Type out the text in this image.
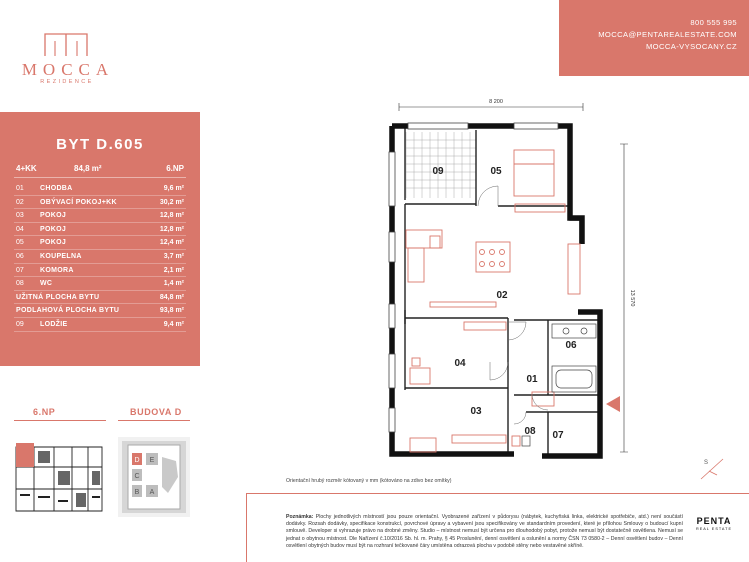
MOCCA
REZIDENCE
800 555 995
MOCCA@PENTAREALESTATE.COM
MOCCA-VYSOCANY.CZ
BYT D.605
4+KK	84,8 m²	6.NP
01 CHODBA	9,6 m²
02 OBÝVACÍ POKOJ+KK	30,2 m²
03 POKOJ	12,8 m²
04 POKOJ	12,8 m²
05 POKOJ	12,4 m²
06 KOUPELNA	3,7 m²
07 KOMORA	2,1 m²
08 WC	1,4 m²
UŽITNÁ PLOCHA BYTU	84,8 m²
PODLAHOVÁ PLOCHA BYTU	93,8 m²
09 LODŽIE	9,4 m²
6.NP	BUDOVA D
D E
C
B A
8 200
13 570
09	05
02
04
06
01
03
08 07
Orientační hrubý rozměr kótovaný v mm (kótováno na zdivo bez omítky)
S
Poznámka: Plochy jednotlivých místností jsou pouze orientační. Vyobrazené zařízení v půdorysu (nábytek, kuchyňská linka, elektrické spotřebiče, atd.) není součástí dodávky. Rozsah dodávky, specifikace konstrukcí, povrchové úpravy a vybavení jsou specifikovány ve standardním provedení, které je přílohou Smlouvy o budoucí kupní smlouvě. Developer si vyhrazuje právo na drobné změny. Studio – místnost nemusí být určena pro dlouhodobý pobyt, protože nemusí být dostatečně osvětlena. Nemusí se jednat o obytnou místnost. Dle Nařízení č.10/2016 Sb. hl. m. Prahy, § 45 Proslunění, denní osvětlení a oslunění a normy ČSN 73 0580-2 – Denní osvětlení budov – Denní osvětlení obytných budov musí být na rozhraní tečkované čáry umístěna odrazová plocha v podobě stěny nebo vestavěné skříně.
PENTA
REAL ESTATE
